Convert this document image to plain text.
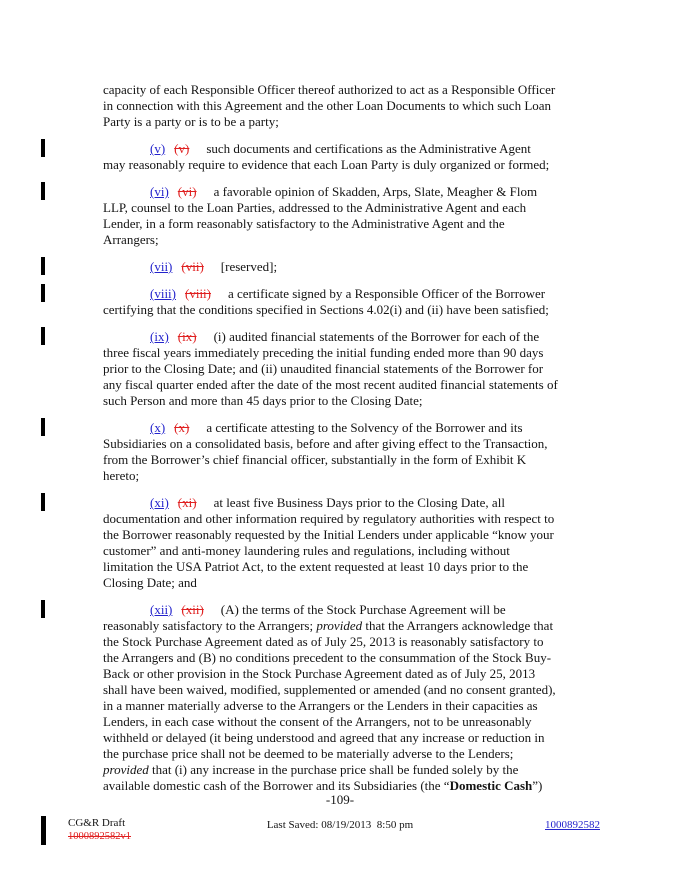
capacity of each Responsible Officer thereof authorized to act as a Responsible Officer
in connection with this Agreement and the other Loan Documents to which such Loan
Party is a party or is to be a party;
(v) (v) such documents and certifications as the Administrative Agent
may reasonably require to evidence that each Loan Party is duly organized or formed;
(vi) (vi) a favorable opinion of Skadden, Arps, Slate, Meagher & Flom
LLP, counsel to the Loan Parties, addressed to the Administrative Agent and each
Lender, in a form reasonably satisfactory to the Administrative Agent and the
Arrangers;
(vii) (vii) [reserved];
(viii) (viii) a certificate signed by a Responsible Officer of the Borrower
certifying that the conditions specified in Sections 4.02(i) and (ii) have been satisfied;
(ix) (ix) (i) audited financial statements of the Borrower for each of the
three fiscal years immediately preceding the initial funding ended more than 90 days
prior to the Closing Date; and (ii) unaudited financial statements of the Borrower for
any fiscal quarter ended after the date of the most recent audited financial statements of
such Person and more than 45 days prior to the Closing Date;
(x) (x) a certificate attesting to the Solvency of the Borrower and its
Subsidiaries on a consolidated basis, before and after giving effect to the Transaction,
from the Borrower’s chief financial officer, substantially in the form of Exhibit K
hereto;
(xi) (xi) at least five Business Days prior to the Closing Date, all
documentation and other information required by regulatory authorities with respect to
the Borrower reasonably requested by the Initial Lenders under applicable “know your
customer” and anti-money laundering rules and regulations, including without
limitation the USA Patriot Act, to the extent requested at least 10 days prior to the
Closing Date; and
(xii) (xii) (A) the terms of the Stock Purchase Agreement will be
reasonably satisfactory to the Arrangers; provided that the Arrangers acknowledge that
the Stock Purchase Agreement dated as of July 25, 2013 is reasonably satisfactory to
the Arrangers and (B) no conditions precedent to the consummation of the Stock Buy-
Back or other provision in the Stock Purchase Agreement dated as of July 25, 2013
shall have been waived, modified, supplemented or amended (and no consent granted),
in a manner materially adverse to the Arrangers or the Lenders in their capacities as
Lenders, in each case without the consent of the Arrangers, not to be unreasonably
withheld or delayed (it being understood and agreed that any increase or reduction in
the purchase price shall not be deemed to be materially adverse to the Lenders;
provided that (i) any increase in the purchase price shall be funded solely by the
available domestic cash of the Borrower and its Subsidiaries (the “Domestic Cash”)
-109-
CG&R Draft
1000892582v1
Last Saved: 08/19/2013  8:50 pm	1000892582
